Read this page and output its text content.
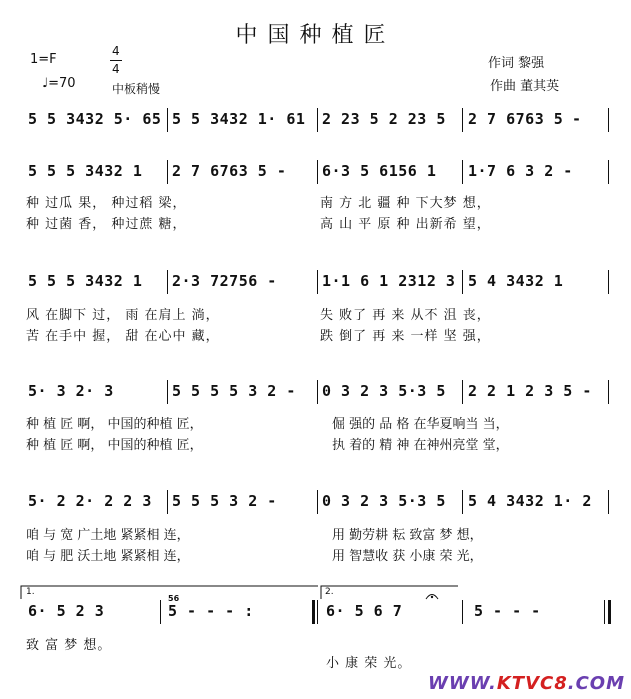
中国种植匠
1=F
4
4
♩=70	中板稍慢
作词 黎强
作曲 董其英
5 5 3432 5· 65 5 5 3432 1· 61 2 23 5 2 23 5 2 7 6763 5 -
5 5 5 3432 1 2 7 6763 5 - 6·3 5 6156 1 1·7 6 3 2 -
种 过瓜 果， 种过稻 梁，	南 方 北 疆 种 下大梦 想，
种 过菌 香， 种过蔗 糖，	高 山 平 原 种 出新希 望，
5 5 5 3432 1 2·3 72756 -	1·1 6 1 2312 3 5 4 3432 1
风 在脚下 过， 雨 在肩上 淌，	失 败了 再 来 从不 沮 丧，
苦 在手中 握， 甜 在心中 藏，	跌 倒了 再 来 一样 坚 强，
5· 3 2· 3	5 5 5 5 3 2 - 0 3 2 3 5·3 5 2 2 1 2 3 5 -
种 植 匠 啊， 中国的种植 匠，	倔 强的 品 格 在华夏响当 当，
种 植 匠 啊， 中国的种植 匠，	执 着的 精 神 在神州亮堂 堂，
5· 2 2· 2 2 3 5 5 5 3 2 -	0 3 2 3 5·3 5 5 4 3432 1· 2
咱 与 宽 广土地 紧紧相 连，	用 勤劳耕 耘 致富 梦 想，
咱 与 肥 沃土地 紧紧相 连，	用 智慧收 获 小康 荣 光，
1.	2.
6· 5 2 3
56
5 - - - :	6· 5 6 7	5 - - -
致 富 梦 想。
小 康 荣 光。
WWW.KTVC8.COM
